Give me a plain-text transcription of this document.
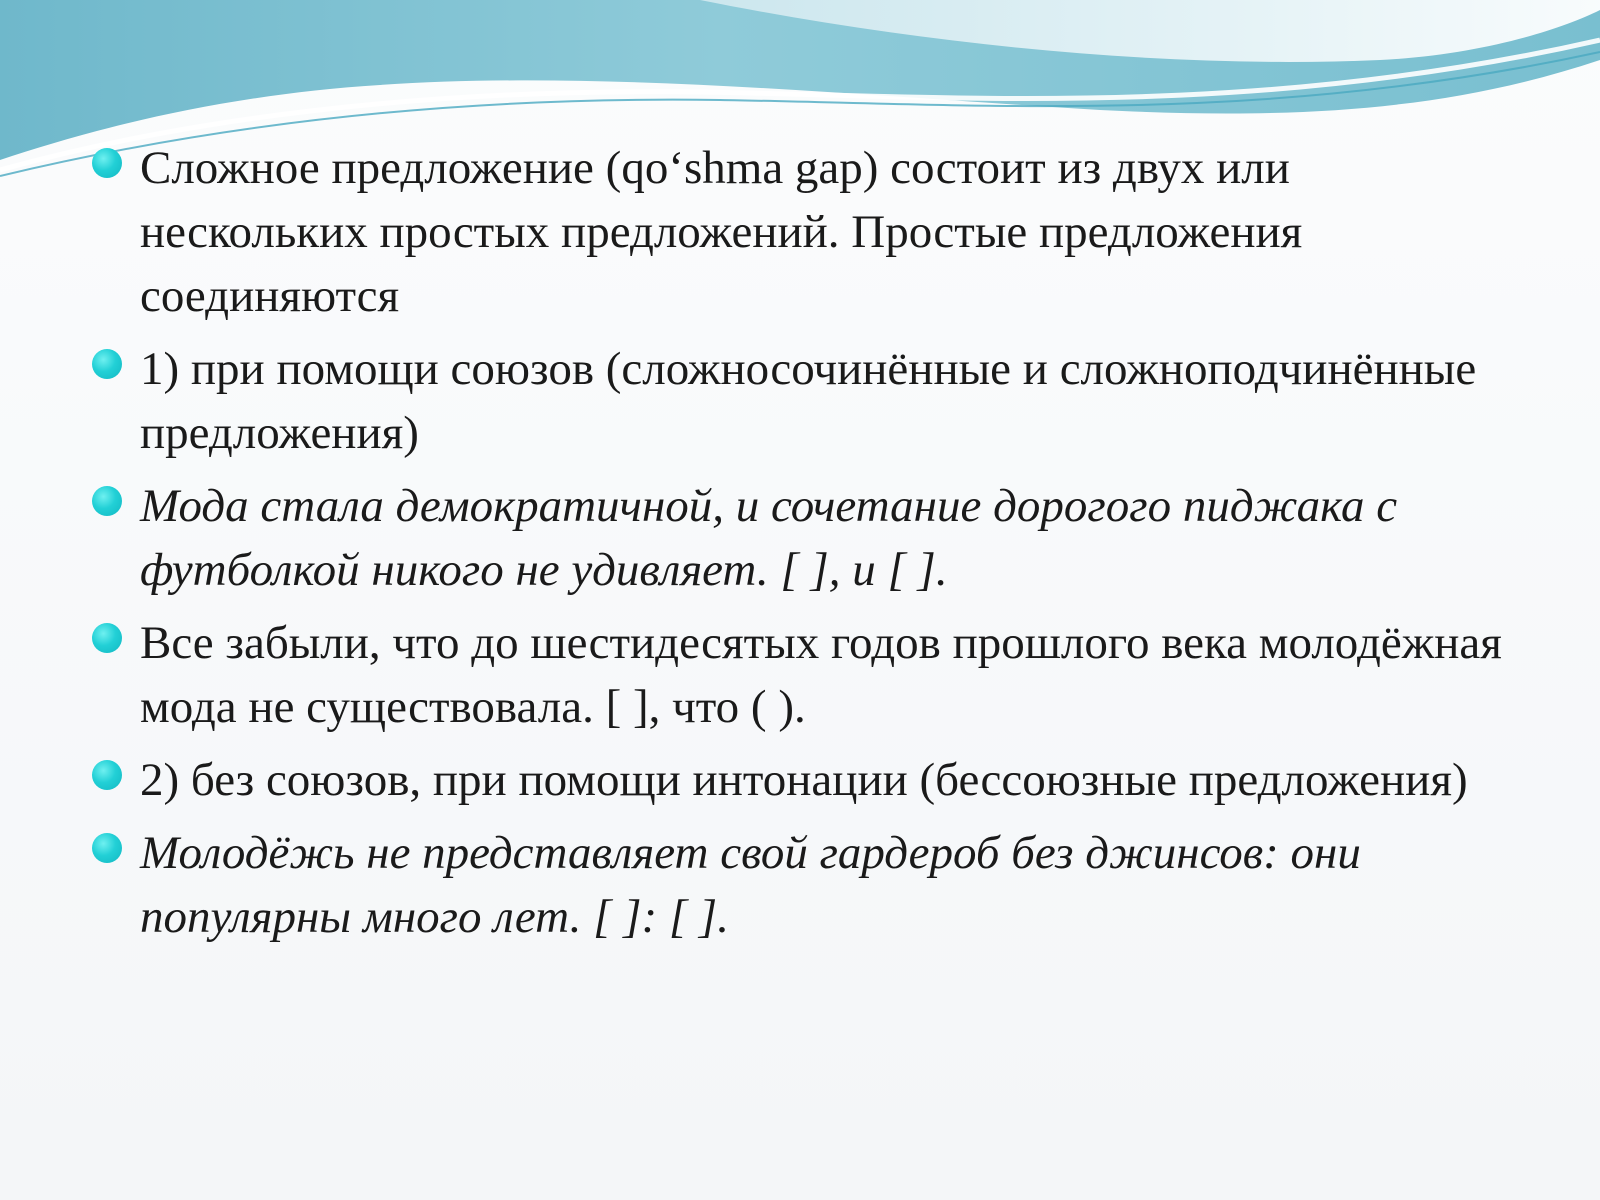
Сложное предложение (qo‘shma gap) состоит из двух или нескольких простых предложений. Простые предложения соединяются
1) при помощи союзов (сложносочинённые и сложноподчинённые предложения)
Мода стала демократичной, и сочетание дорогого пиджака с футболкой никого не удивляет. [ ], и [ ].
Все забыли, что до шестидесятых годов прошлого века молодёжная мода не существовала. [ ], что ( ).
2) без союзов, при помощи интонации (бессоюзные предложения)
Молодёжь не представляет свой гардероб без джинсов: они популярны много лет. [ ]: [ ].
